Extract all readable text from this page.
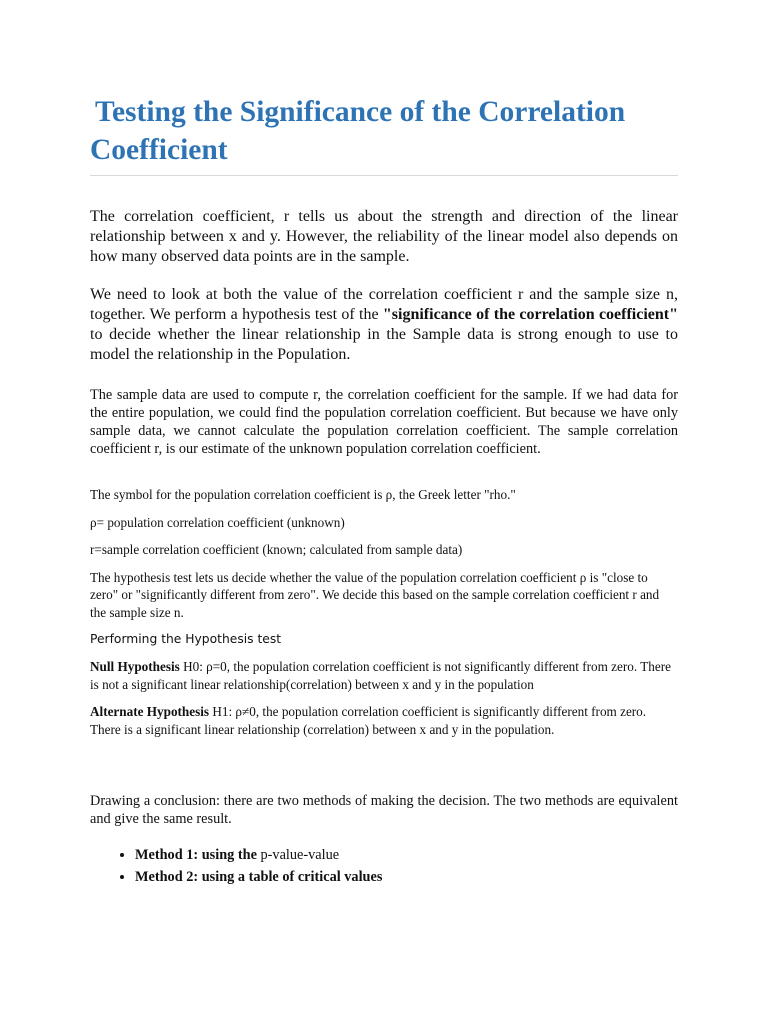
Testing the Significance of the Correlation Coefficient

The correlation coefficient, r tells us about the strength and direction of the linear relationship between x and y. However, the reliability of the linear model also depends on how many observed data points are in the sample.

We need to look at both the value of the correlation coefficient r and the sample size n, together. We perform a hypothesis test of the "significance of the correlation coefficient" to decide whether the linear relationship in the Sample data is strong enough to use to model the relationship in the Population.

The sample data are used to compute r, the correlation coefficient for the sample. If we had data for the entire population, we could find the population correlation coefficient. But because we have only sample data, we cannot calculate the population correlation coefficient. The sample correlation coefficient r, is our estimate of the unknown population correlation coefficient.

The symbol for the population correlation coefficient is ρ, the Greek letter "rho."

ρ= population correlation coefficient (unknown)

r=sample correlation coefficient (known; calculated from sample data)

The hypothesis test lets us decide whether the value of the population correlation coefficient ρ is "close to zero" or "significantly different from zero". We decide this based on the sample correlation coefficient r and the sample size n.

Performing the Hypothesis test

Null Hypothesis H0: ρ=0, the population correlation coefficient is not significantly different from zero. There is not a significant linear relationship(correlation) between x and y in the population

Alternate Hypothesis H1: ρ≠0, the population correlation coefficient is significantly different from zero. There is a significant linear relationship (correlation) between x and y in the population.

Drawing a conclusion: there are two methods of making the decision. The two methods are equivalent and give the same result.

• Method 1: using the p-value-value
• Method 2: using a table of critical values
